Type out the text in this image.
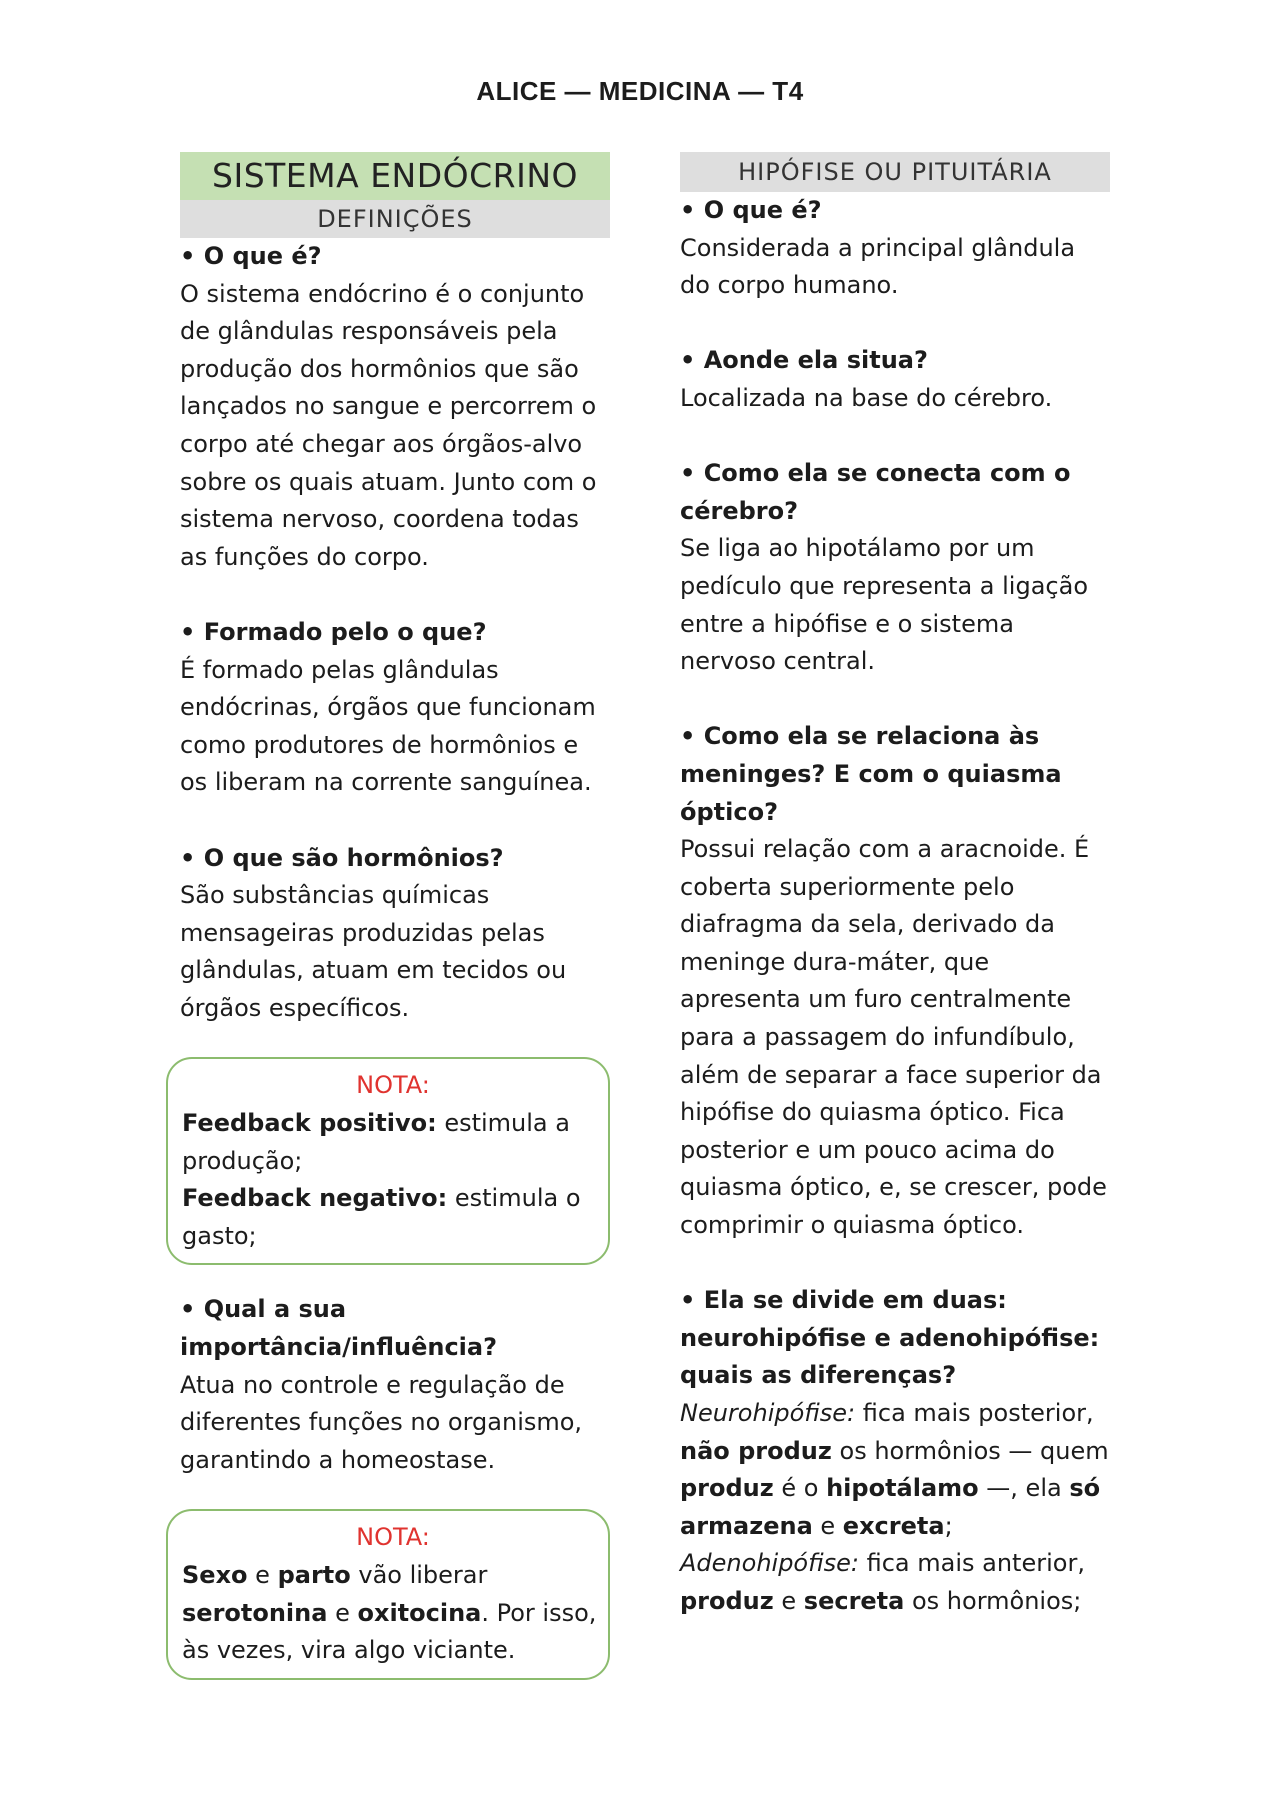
ALICE — MEDICINA — T4
SISTEMA ENDÓCRINO
DEFINIÇÕES

• O que é?

O sistema endócrino é o conjunto de glândulas responsáveis pela produção dos hormônios que são lançados no sangue e percorrem o corpo até chegar aos órgãos-alvo sobre os quais atuam. Junto com o sistema nervoso, coordena todas as funções do corpo.

• Formado pelo o que?

É formado pelas glândulas endócrinas, órgãos que funcionam como produtores de hormônios e os liberam na corrente sanguínea.

• O que são hormônios?

São substâncias químicas mensageiras produzidas pelas glândulas, atuam em tecidos ou órgãos específicos.

NOTA:

Feedback positivo: estimula a produção;

Feedback negativo: estimula o gasto;

• Qual a sua importância/influência?

Atua no controle e regulação de diferentes funções no organismo, garantindo a homeostase.

NOTA:

Sexo e parto vão liberar serotonina e oxitocina. Por isso, às vezes, vira algo viciante.

HIPÓFISE OU PITUITÁRIA

• O que é?

Considerada a principal glândula do corpo humano.

• Aonde ela situa?

Localizada na base do cérebro.

• Como ela se conecta com o cérebro?

Se liga ao hipotálamo por um pedículo que representa a ligação entre a hipófise e o sistema nervoso central.

• Como ela se relaciona às meninges? E com o quiasma óptico?

Possui relação com a aracnoide. É coberta superiormente pelo diafragma da sela, derivado da meninge dura-máter, que apresenta um furo centralmente para a passagem do infundíbulo, além de separar a face superior da hipófise do quiasma óptico. Fica posterior e um pouco acima do quiasma óptico, e, se crescer, pode comprimir o quiasma óptico.

• Ela se divide em duas: neurohipófise e adenohipófise: quais as diferenças?

Neurohipófise: fica mais posterior, não produz os hormônios — quem produz é o hipotálamo —, ela só armazena e excreta;

Adenohipófise: fica mais anterior, produz e secreta os hormônios;
